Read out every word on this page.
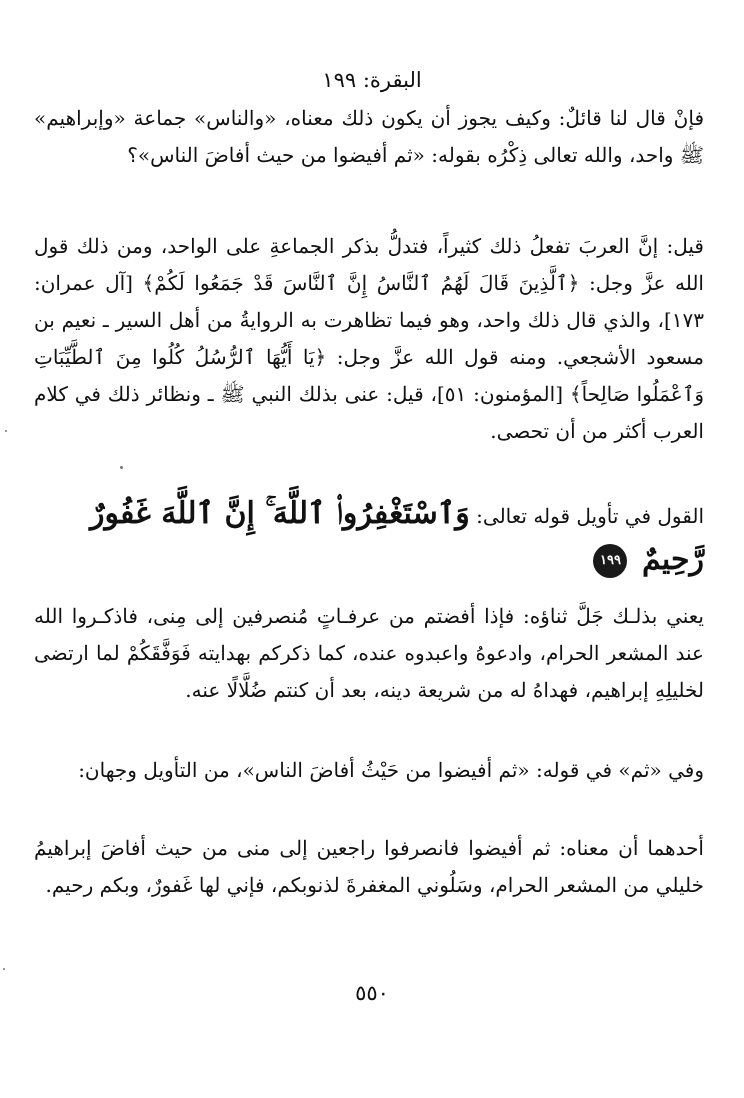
البقرة: ١٩٩
فإنْ قال لنا قائلٌ: وكيف يجوز أن يكون ذلك معناه، «والناس» جماعة «وإبراهيم» ﷺ واحد، والله تعالى ذِكْرُه بقوله: «ثم أفيضوا من حيث أفاضَ الناس»؟
قيل: إنَّ العربَ تفعلُ ذلك كثيراً، فتدلُّ بذكر الجماعةِ على الواحد، ومن ذلك قول الله عزَّ وجل: ﴿ٱلَّذِينَ قَالَ لَهُمُ ٱلنَّاسُ إِنَّ ٱلنَّاسَ قَدْ جَمَعُوا لَكُمْ﴾ [آل عمران: ١٧٣]، والذي قال ذلك واحد، وهو فيما تظاهرت به الروايةُ من أهل السير ـ نعيم بن مسعود الأشجعي. ومنه قول الله عزَّ وجل: ﴿يَا أَيُّهَا ٱلرُّسُلُ كُلُوا مِنَ ٱلطَّيِّبَاتِ وَٱعْمَلُوا صَالِحاً﴾ [المؤمنون: ٥١]، قيل: عنى بذلك النبي ﷺ ـ ونظائر ذلك في كلام العرب أكثر من أن تحصى.
القول في تأويل قوله تعالى: وَٱسْتَغْفِرُوا۟ ٱللَّهَ ۚ إِنَّ ٱللَّهَ غَفُورٌ
رَّحِيمٌ ١٩٩
يعني بذلـك جَلَّ ثناؤه: فإذا أفضتم من عرفـاتٍ مُنصرفين إلى مِنى، فاذكـروا الله عند المشعر الحرام، وادعوهُ واعبدوه عنده، كما ذكركم بهدايته فَوَفَّقَكُمْ لما ارتضى لخليلِهِ إبراهيم، فهداهُ له من شريعة دينه، بعد أن كنتم ضُلَّالًا عنه.
وفي «ثم» في قوله: «ثم أفيضوا من حَيْثُ أفاضَ الناس»، من التأويل وجهان:
أحدهما أن معناه: ثم أفيضوا فانصرفوا راجعين إلى منى من حيث أفاضَ إبراهيمُ خليلي من المشعر الحرام، وسَلُوني المغفرةَ لذنوبكم، فإني لها غَفورٌ، وبكم رحيم.
٥٥٠
